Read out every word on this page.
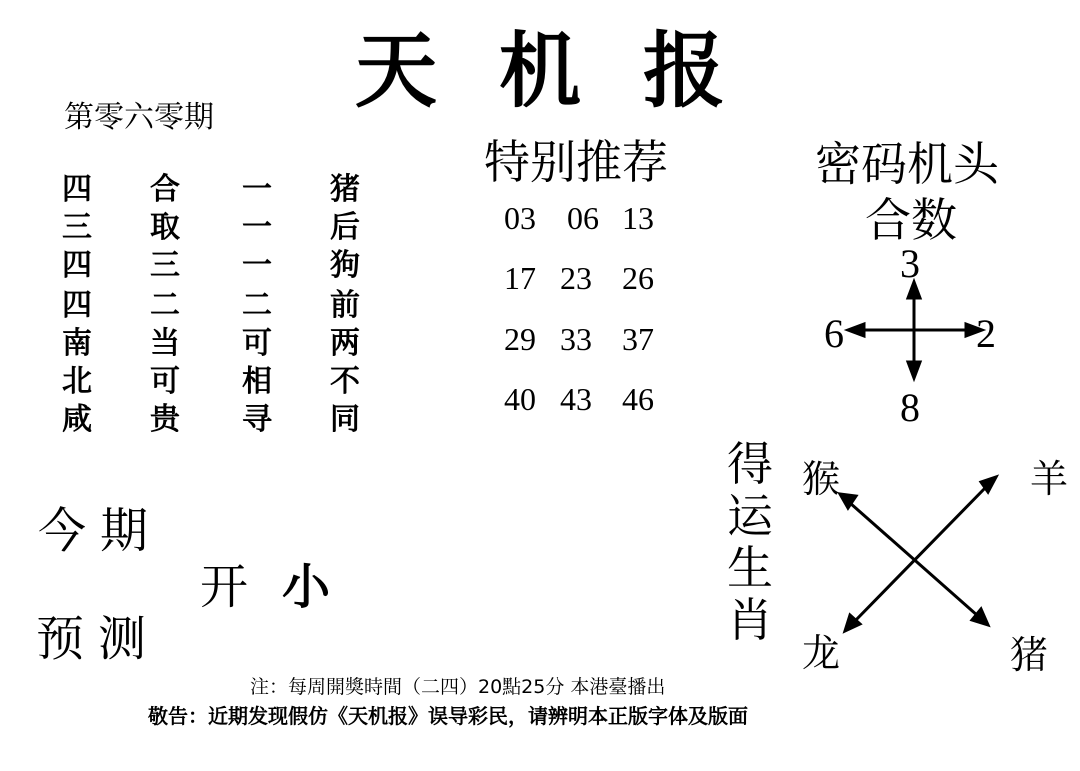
天机报
第零六零期
四 合 一 猪
三 取 一 后
四 三 一 狗
四 二 二 前
南 当 可 两
北 可 相 不
咸 贵 寻 同
特别推荐
03 06 13
17 23 26
29 33 37
40 43 46
密码机头
合数
3
6	2
8
今期
开 小
预测
得运生肖
猴	羊
龙	猪
注：每周開獎時間（二四）20點25分 本港臺播出
敬告：近期发现假仿《天机报》误导彩民，请辨明本正版字体及版面
